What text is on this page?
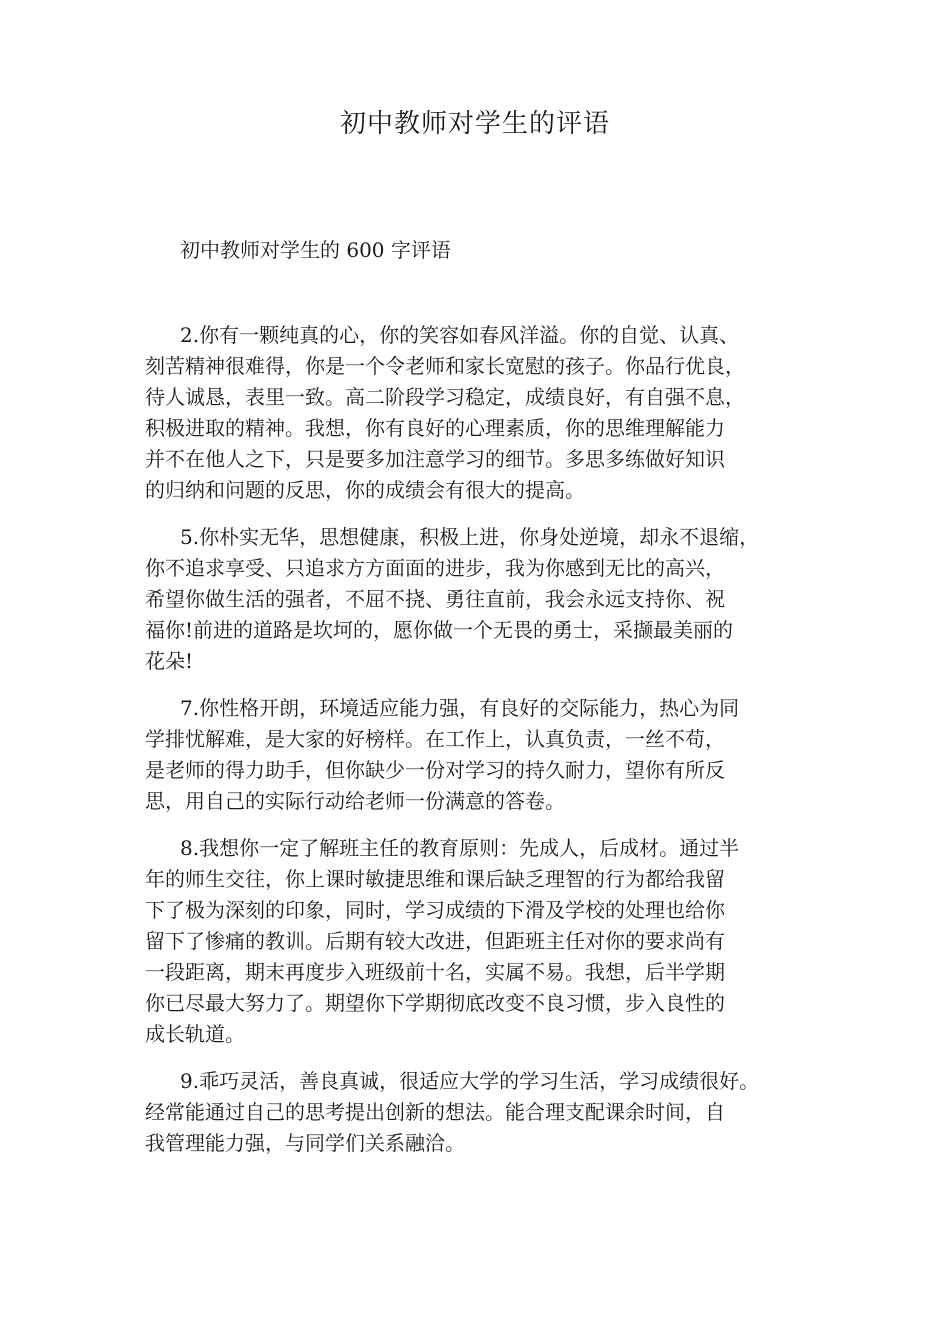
初中教师对学生的评语
初中教师对学生的 600 字评语
2.你有一颗纯真的心，你的笑容如春风洋溢。你的自觉、认真、
刻苦精神很难得，你是一个令老师和家长宽慰的孩子。你品行优良，
待人诚恳，表里一致。高二阶段学习稳定，成绩良好，有自强不息，
积极进取的精神。我想，你有良好的心理素质，你的思维理解能力
并不在他人之下，只是要多加注意学习的细节。多思多练做好知识
的归纳和问题的反思，你的成绩会有很大的提高。
5.你朴实无华，思想健康，积极上进，你身处逆境，却永不退缩，
你不追求享受、只追求方方面面的进步，我为你感到无比的高兴，
希望你做生活的强者，不屈不挠、勇往直前，我会永远支持你、祝
福你!前进的道路是坎坷的，愿你做一个无畏的勇士，采撷最美丽的
花朵!
7.你性格开朗，环境适应能力强，有良好的交际能力，热心为同
学排忧解难，是大家的好榜样。在工作上，认真负责，一丝不苟，
是老师的得力助手，但你缺少一份对学习的持久耐力，望你有所反
思，用自己的实际行动给老师一份满意的答卷。
8.我想你一定了解班主任的教育原则：先成人，后成材。通过半
年的师生交往，你上课时敏捷思维和课后缺乏理智的行为都给我留
下了极为深刻的印象，同时，学习成绩的下滑及学校的处理也给你
留下了惨痛的教训。后期有较大改进，但距班主任对你的要求尚有
一段距离，期末再度步入班级前十名，实属不易。我想，后半学期
你已尽最大努力了。期望你下学期彻底改变不良习惯，步入良性的
成长轨道。
9.乖巧灵活，善良真诚，很适应大学的学习生活，学习成绩很好。
经常能通过自己的思考提出创新的想法。能合理支配课余时间，自
我管理能力强，与同学们关系融洽。
